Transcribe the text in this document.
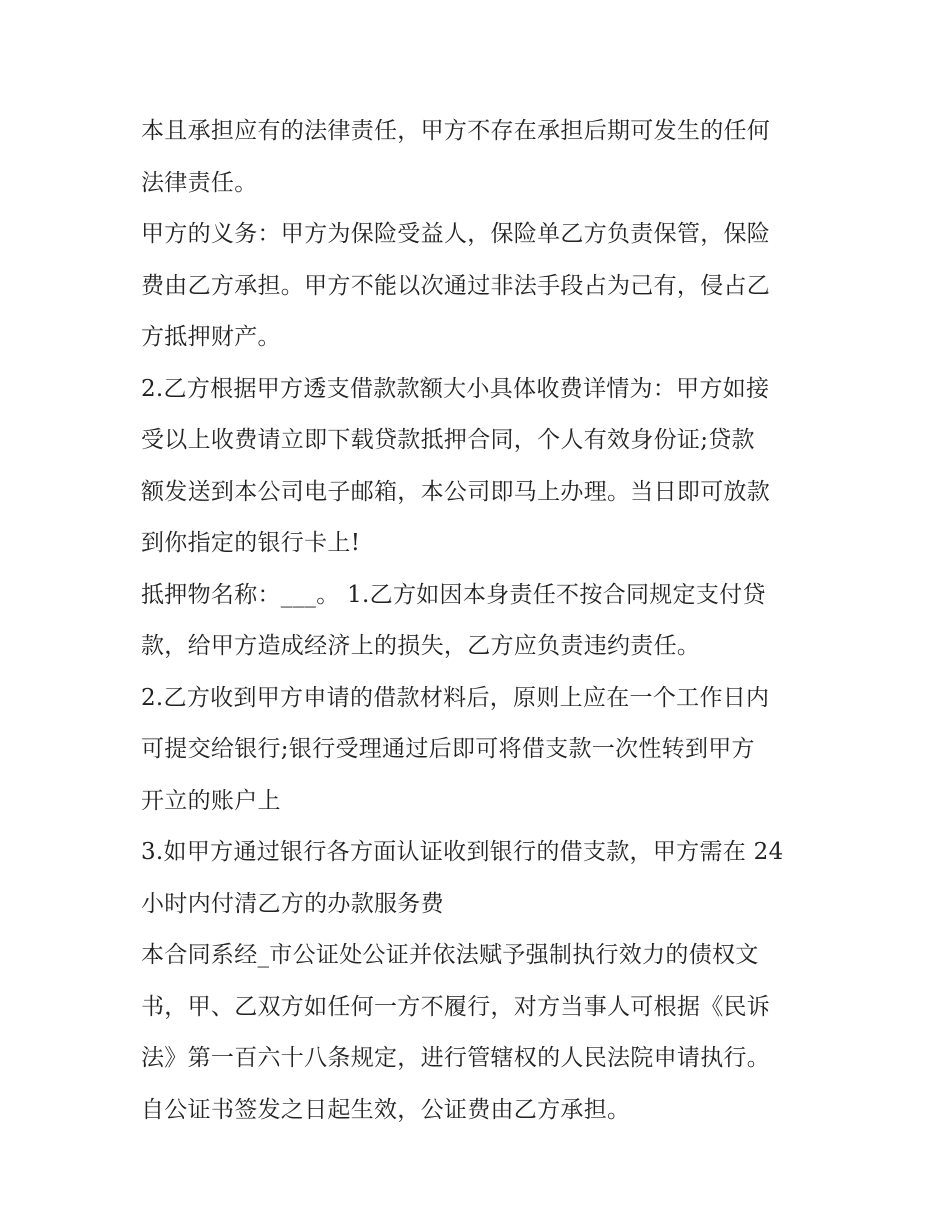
本且承担应有的法律责任，甲方不存在承担后期可发生的任何
法律责任。
甲方的义务：甲方为保险受益人，保险单乙方负责保管，保险
费由乙方承担。甲方不能以次通过非法手段占为己有，侵占乙
方抵押财产。
2.乙方根据甲方透支借款款额大小具体收费详情为：甲方如接
受以上收费请立即下载贷款抵押合同，个人有效身份证;贷款
额发送到本公司电子邮箱，本公司即马上办理。当日即可放款
到你指定的银行卡上!
抵押物名称：___。 1.乙方如因本身责任不按合同规定支付贷
款，给甲方造成经济上的损失，乙方应负责违约责任。
2.乙方收到甲方申请的借款材料后，原则上应在一个工作日内
可提交给银行;银行受理通过后即可将借支款一次性转到甲方
开立的账户上
3.如甲方通过银行各方面认证收到银行的借支款，甲方需在 24
小时内付清乙方的办款服务费
本合同系经_市公证处公证并依法赋予强制执行效力的债权文
书，甲、乙双方如任何一方不履行，对方当事人可根据《民诉
法》第一百六十八条规定，进行管辖权的人民法院申请执行。
自公证书签发之日起生效，公证费由乙方承担。
